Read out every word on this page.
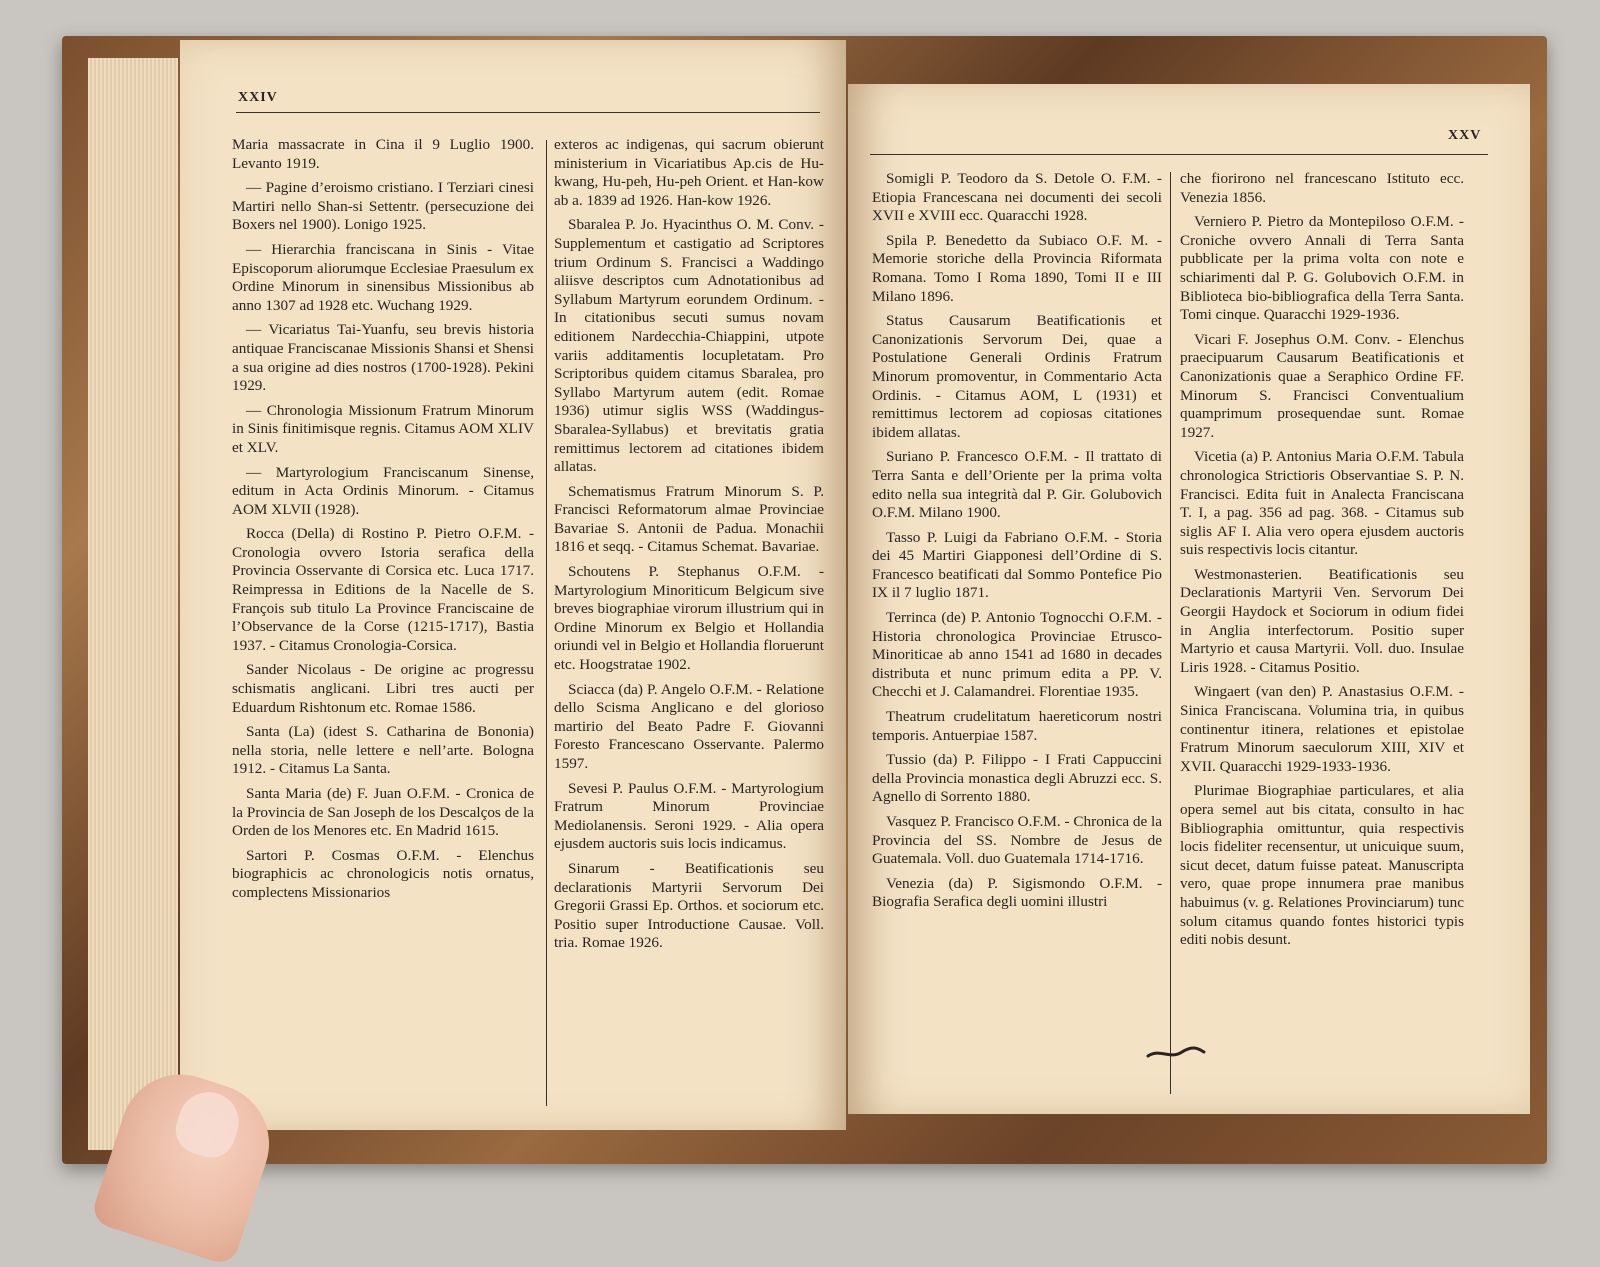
XXIV

Maria massacrate in Cina il 9 Luglio 1900. Levanto 1919.

— Pagine d’eroismo cristiano. I Terziari cinesi Martiri nello Shan-si Settentr. (persecuzione dei Boxers nel 1900). Lonigo 1925.

— Hierarchia franciscana in Sinis - Vitae Episcoporum aliorumque Ecclesiae Praesulum ex Ordine Minorum in sinensibus Missionibus ab anno 1307 ad 1928 etc. Wuchang 1929.

— Vicariatus Tai-Yuanfu, seu brevis historia antiquae Franciscanae Missionis Shansi et Shensi a sua origine ad dies nostros (1700-1928). Pekini 1929.

— Chronologia Missionum Fratrum Minorum in Sinis finitimisque regnis. Citamus AOM XLIV et XLV.

— Martyrologium Franciscanum Sinense, editum in Acta Ordinis Minorum. - Citamus AOM XLVII (1928).

Rocca (Della) di Rostino P. Pietro O.F.M. - Cronologia ovvero Istoria serafica della Provincia Osservante di Corsica etc. Luca 1717. Reimpressa in Editions de la Nacelle de S. François sub titulo La Province Franciscaine de l’Observance de la Corse (1215-1717), Bastia 1937. - Citamus Cronologia-Corsica.

Sander Nicolaus - De origine ac progressu schismatis anglicani. Libri tres aucti per Eduardum Rishtonum etc. Romae 1586.

Santa (La) (idest S. Catharina de Bononia) nella storia, nelle lettere e nell’arte. Bologna 1912. - Citamus La Santa.

Santa Maria (de) F. Juan O.F.M. - Cronica de la Provincia de San Joseph de los Descalços de la Orden de los Menores etc. En Madrid 1615.

Sartori P. Cosmas O.F.M. - Elenchus biographicis ac chronologicis notis ornatus, complectens Missionarios

exteros ac indigenas, qui sacrum obierunt ministerium in Vicariatibus Ap.cis de Hu-kwang, Hu-peh, Hu-peh Orient. et Han-kow ab a. 1839 ad 1926. Han-kow 1926.

Sbaralea P. Jo. Hyacinthus O. M. Conv. - Supplementum et castigatio ad Scriptores trium Ordinum S. Francisci a Waddingo aliisve descriptos cum Adnotationibus ad Syllabum Martyrum eorundem Ordinum. - In citationibus secuti sumus novam editionem Nardecchia-Chiappini, utpote variis additamentis locupletatam. Pro Scriptoribus quidem citamus Sbaralea, pro Syllabo Martyrum autem (edit. Romae 1936) utimur siglis WSS (Waddingus-Sbaralea-Syllabus) et brevitatis gratia remittimus lectorem ad citationes ibidem allatas.

Schematismus Fratrum Minorum S. P. Francisci Reformatorum almae Provinciae Bavariae S. Antonii de Padua. Monachii 1816 et seqq. - Citamus Schemat. Bavariae.

Schoutens P. Stephanus O.F.M. - Martyrologium Minoriticum Belgicum sive breves biographiae virorum illustrium qui in Ordine Minorum ex Belgio et Hollandia oriundi vel in Belgio et Hollandia floruerunt etc. Hoogstratae 1902.

Sciacca (da) P. Angelo O.F.M. - Relatione dello Scisma Anglicano e del glorioso martirio del Beato Padre F. Giovanni Foresto Francescano Osservante. Palermo 1597.

Sevesi P. Paulus O.F.M. - Martyrologium Fratrum Minorum Provinciae Mediolanensis. Seroni 1929. - Alia opera ejusdem auctoris suis locis indicamus.

Sinarum - Beatificationis seu declarationis Martyrii Servorum Dei Gregorii Grassi Ep. Orthos. et sociorum etc. Positio super Introductione Causae. Voll. tria. Romae 1926.

XXV

Somigli P. Teodoro da S. Detole O. F.M. - Etiopia Francescana nei documenti dei secoli XVII e XVIII ecc. Quaracchi 1928.

Spila P. Benedetto da Subiaco O.F. M. - Memorie storiche della Provincia Riformata Romana. Tomo I Roma 1890, Tomi II e III Milano 1896.

Status Causarum Beatificationis et Canonizationis Servorum Dei, quae a Postulatione Generali Ordinis Fratrum Minorum promoventur, in Commentario Acta Ordinis. - Citamus AOM, L (1931) et remittimus lectorem ad copiosas citationes ibidem allatas.

Suriano P. Francesco O.F.M. - Il trattato di Terra Santa e dell’Oriente per la prima volta edito nella sua integrità dal P. Gir. Golubovich O.F.M. Milano 1900.

Tasso P. Luigi da Fabriano O.F.M. - Storia dei 45 Martiri Giapponesi dell’Ordine di S. Francesco beatificati dal Sommo Pontefice Pio IX il 7 luglio 1871.

Terrinca (de) P. Antonio Tognocchi O.F.M. - Historia chronologica Provinciae Etrusco-Minoriticae ab anno 1541 ad 1680 in decades distributa et nunc primum edita a PP. V. Checchi et J. Calamandrei. Florentiae 1935.

Theatrum crudelitatum haereticorum nostri temporis. Antuerpiae 1587.

Tussio (da) P. Filippo - I Frati Cappuccini della Provincia monastica degli Abruzzi ecc. S. Agnello di Sorrento 1880.

Vasquez P. Francisco O.F.M. - Chronica de la Provincia del SS. Nombre de Jesus de Guatemala. Voll. duo Guatemala 1714-1716.

Venezia (da) P. Sigismondo O.F.M. - Biografia Serafica degli uomini illustri

che fiorirono nel francescano Istituto ecc. Venezia 1856.

Verniero P. Pietro da Montepiloso O.F.M. - Croniche ovvero Annali di Terra Santa pubblicate per la prima volta con note e schiarimenti dal P. G. Golubovich O.F.M. in Biblioteca bio-bibliografica della Terra Santa. Tomi cinque. Quaracchi 1929-1936.

Vicari F. Josephus O.M. Conv. - Elenchus praecipuarum Causarum Beatificationis et Canonizationis quae a Seraphico Ordine FF. Minorum S. Francisci Conventualium quamprimum prosequendae sunt. Romae 1927.

Vicetia (a) P. Antonius Maria O.F.M. Tabula chronologica Strictioris Observantiae S. P. N. Francisci. Edita fuit in Analecta Franciscana T. I, a pag. 356 ad pag. 368. - Citamus sub siglis AF I. Alia vero opera ejusdem auctoris suis respectivis locis citantur.

Westmonasterien. Beatificationis seu Declarationis Martyrii Ven. Servorum Dei Georgii Haydock et Sociorum in odium fidei in Anglia interfectorum. Positio super Martyrio et causa Martyrii. Voll. duo. Insulae Liris 1928. - Citamus Positio.

Wingaert (van den) P. Anastasius O.F.M. - Sinica Franciscana. Volumina tria, in quibus continentur itinera, relationes et epistolae Fratrum Minorum saeculorum XIII, XIV et XVII. Quaracchi 1929-1933-1936.

Plurimae Biographiae particulares, et alia opera semel aut bis citata, consulto in hac Bibliographia omittuntur, quia respectivis locis fideliter recensentur, ut unicuique suum, sicut decet, datum fuisse pateat. Manuscripta vero, quae prope innumera prae manibus habuimus (v. g. Relationes Provinciarum) tunc solum citamus quando fontes historici typis editi nobis desunt.
